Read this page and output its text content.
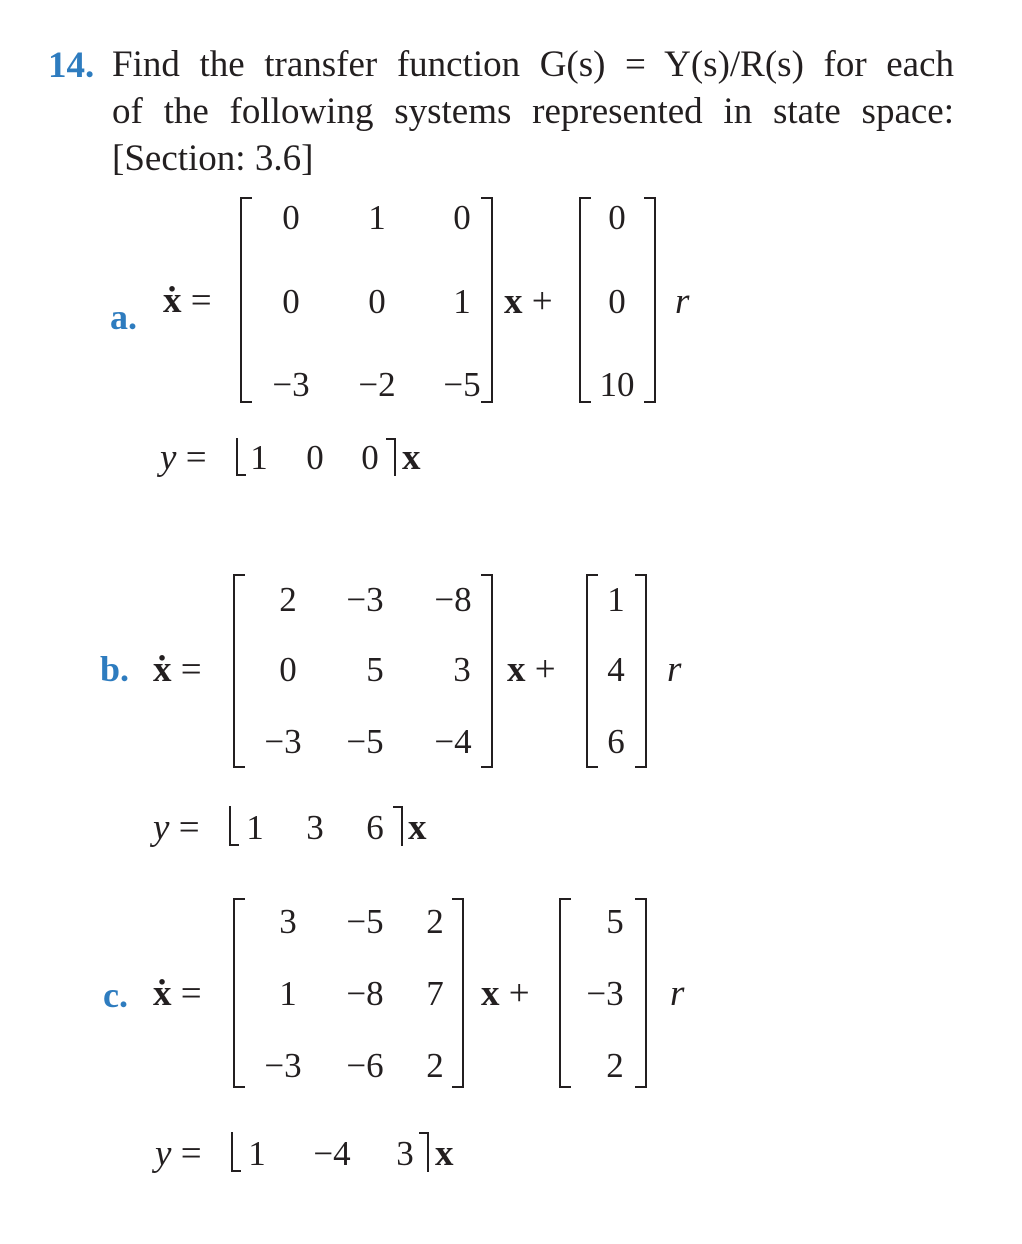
14. Find the transfer function G(s) = Y(s)/R(s) for each
of the following systems represented in state space:
[Section: 3.6]
a. ẋ =
0	1	0
0	0	1
−3	−2	−5
x +
0
0
10
r
y =	1	0	0 x
b. ẋ =
2	−3	−8
0	5	3
−3	−5	−4
x +
1
4
6
r
y =	1	3	6 x
c. ẋ =
3	−5	2
1	−8	7
−3	−6	2
x +
5
−3
2
r
y =	1	−4	3 x
